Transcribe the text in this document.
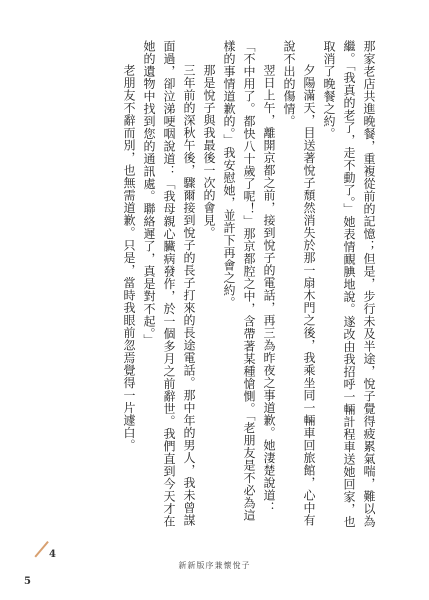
那家老店共進晚餐，重複從前的記憶；但是，步行未及半途，悅子覺得疲累氣喘，難以為繼。「我真的老了，走不動了。」她表情靦腆地說。遂改由我招呼一輛計程車送她回家，也取消了晚餐之約。

夕陽滿天，目送著悅子頹然消失於那一扇木門之後，我乘坐同一輛車回旅館，心中有說不出的傷情。

翌日上午，離開京都之前，接到悅子的電話，再三為昨夜之事道歉。她淒楚說道：「不中用了。都快八十歲了呢！」那京都腔之中，含帶著某種愴惻。「老朋友是不必為這樣的事情道歉的。」我安慰她，並許下再會之約。

那是悅子與我最後一次的會見。

三年前的深秋午後，驟爾接到悅子的長子打來的長途電話。那中年的男人，我未曾謀面過，卻泣涕哽咽說道：「我母親心臟病發作，於一個多月之前辭世。我們直到今天才在她的遺物中找到您的通訊處。聯絡遲了，真是對不起。」

老朋友不辭而別，也無需道歉。只是，當時我眼前忽焉覺得一片遽白。

新新版序兼懷悅子
4
5
